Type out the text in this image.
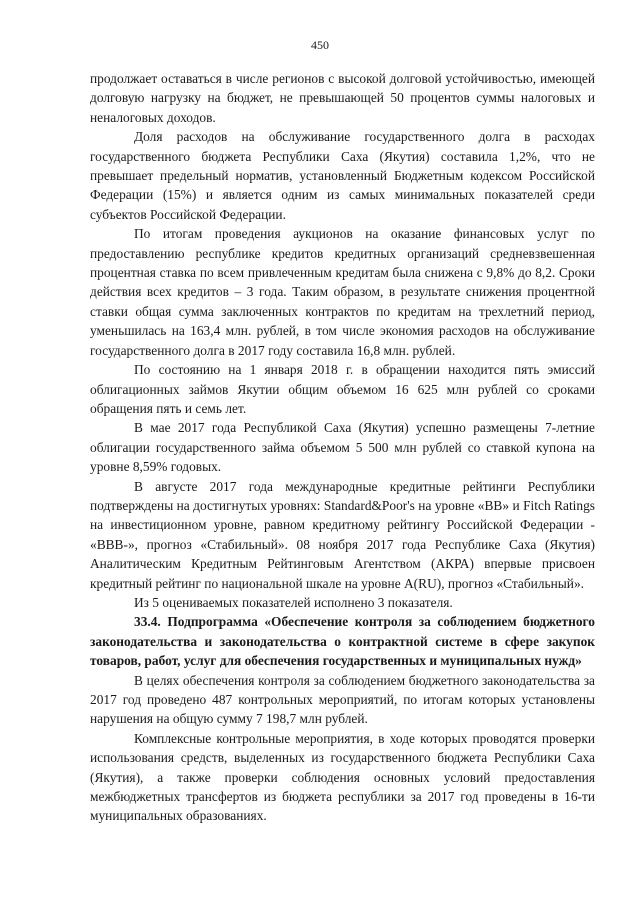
450

продолжает оставаться в числе регионов с высокой долговой устойчивостью, имеющей долговую нагрузку на бюджет, не превышающей 50 процентов суммы налоговых и неналоговых доходов.

Доля расходов на обслуживание государственного долга в расходах государственного бюджета Республики Саха (Якутия) составила 1,2%, что не превышает предельный норматив, установленный Бюджетным кодексом Российской Федерации (15%) и является одним из самых минимальных показателей среди субъектов Российской Федерации.

По итогам проведения аукционов на оказание финансовых услуг по предоставлению республике кредитов кредитных организаций средневзвешенная процентная ставка по всем привлеченным кредитам была снижена с 9,8% до 8,2. Сроки действия всех кредитов – 3 года. Таким образом, в результате снижения процентной ставки общая сумма заключенных контрактов по кредитам на трехлетний период, уменьшилась на 163,4 млн. рублей, в том числе экономия расходов на обслуживание государственного долга в 2017 году составила 16,8 млн. рублей.

По состоянию на 1 января 2018 г. в обращении находится пять эмиссий облигационных займов Якутии общим объемом 16 625 млн рублей со сроками обращения пять и семь лет.

В мае 2017 года Республикой Саха (Якутия) успешно размещены 7-летние облигации государственного займа объемом 5 500 млн рублей со ставкой купона на уровне 8,59% годовых.

В августе 2017 года международные кредитные рейтинги Республики подтверждены на достигнутых уровнях: Standard&Poor's на уровне «BB» и Fitch Ratings на инвестиционном уровне, равном кредитному рейтингу Российской Федерации - «BBB-», прогноз «Стабильный». 08 ноября 2017 года Республике Саха (Якутия) Аналитическим Кредитным Рейтинговым Агентством (АКРА) впервые присвоен кредитный рейтинг по национальной шкале на уровне A(RU), прогноз «Стабильный».

Из 5 оцениваемых показателей исполнено 3 показателя.

33.4. Подпрограмма «Обеспечение контроля за соблюдением бюджетного законодательства и законодательства о контрактной системе в сфере закупок товаров, работ, услуг для обеспечения государственных и муниципальных нужд»

В целях обеспечения контроля за соблюдением бюджетного законодательства за 2017 год проведено 487 контрольных мероприятий, по итогам которых установлены нарушения на общую сумму 7 198,7 млн рублей.

Комплексные контрольные мероприятия, в ходе которых проводятся проверки использования средств, выделенных из государственного бюджета Республики Саха (Якутия), а также проверки соблюдения основных условий предоставления межбюджетных трансфертов из бюджета республики за 2017 год проведены в 16-ти муниципальных образованиях.
